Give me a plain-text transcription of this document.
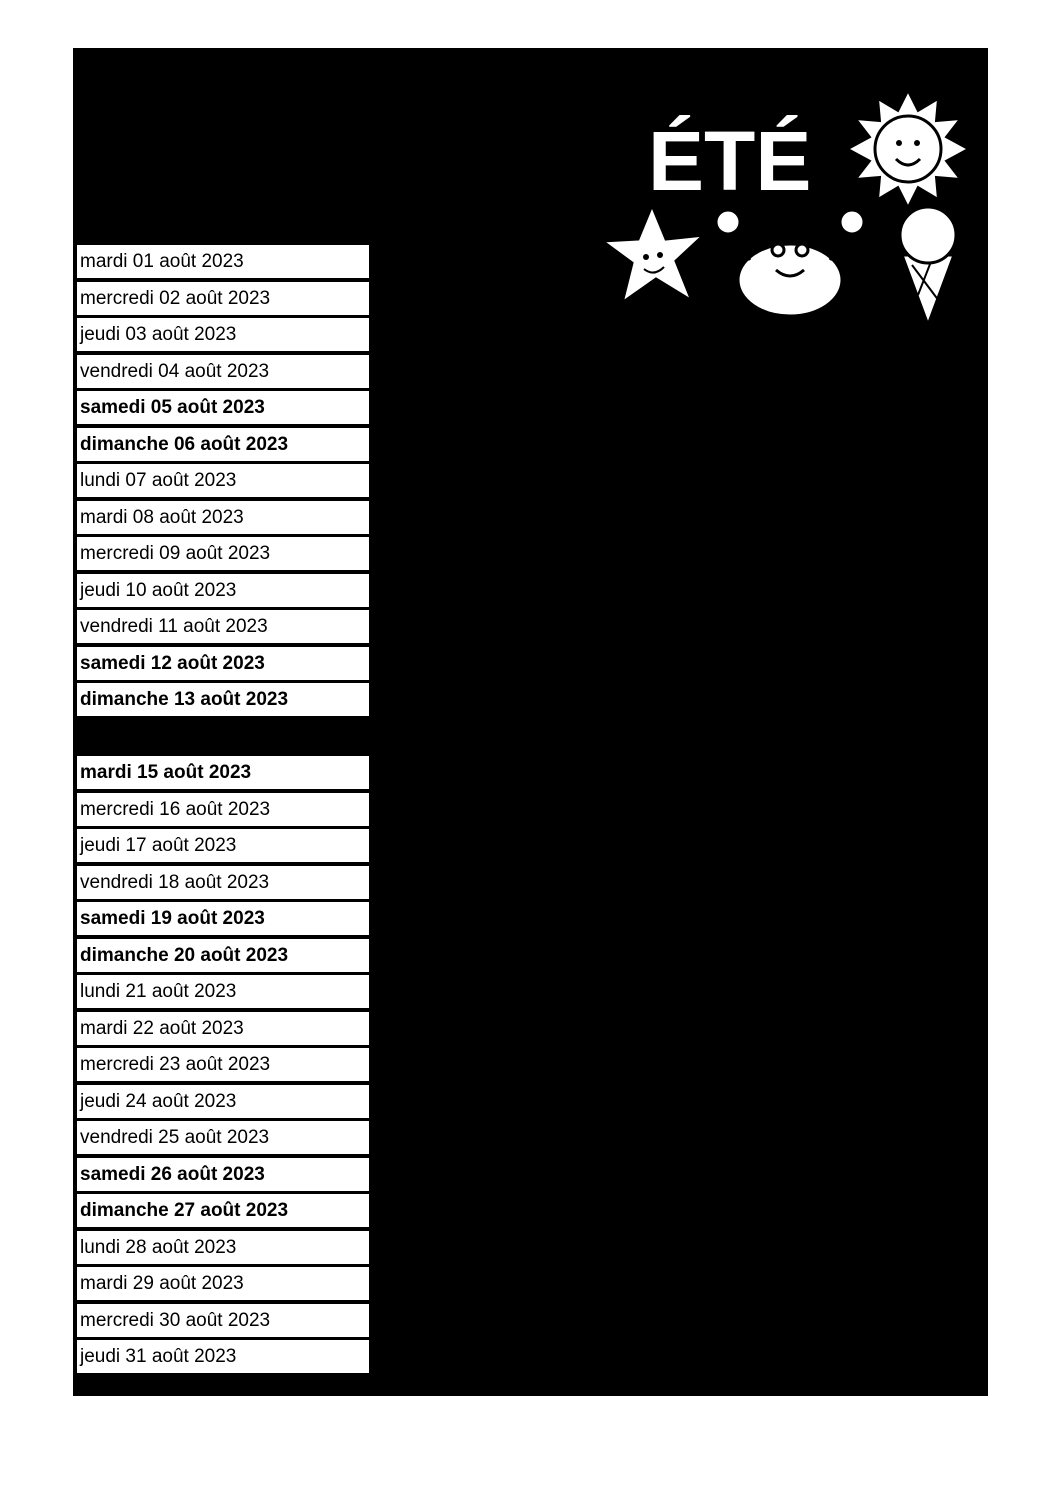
mardi 01 août 2023
mercredi 02 août 2023
jeudi 03 août 2023
vendredi 04 août 2023
samedi 05 août 2023
dimanche 06 août 2023
lundi 07 août 2023
mardi 08 août 2023
mercredi 09 août 2023
jeudi 10 août 2023
vendredi 11 août 2023
samedi 12 août 2023
dimanche 13 août 2023
mardi 15 août 2023
mercredi 16 août 2023
jeudi 17 août 2023
vendredi 18 août 2023
samedi 19 août 2023
dimanche 20 août 2023
lundi 21 août 2023
mardi 22 août 2023
mercredi 23 août 2023
jeudi 24 août 2023
vendredi 25 août 2023
samedi 26 août 2023
dimanche 27 août 2023
lundi 28 août 2023
mardi 29 août 2023
mercredi 30 août 2023
jeudi 31 août 2023
ÉTÉ
